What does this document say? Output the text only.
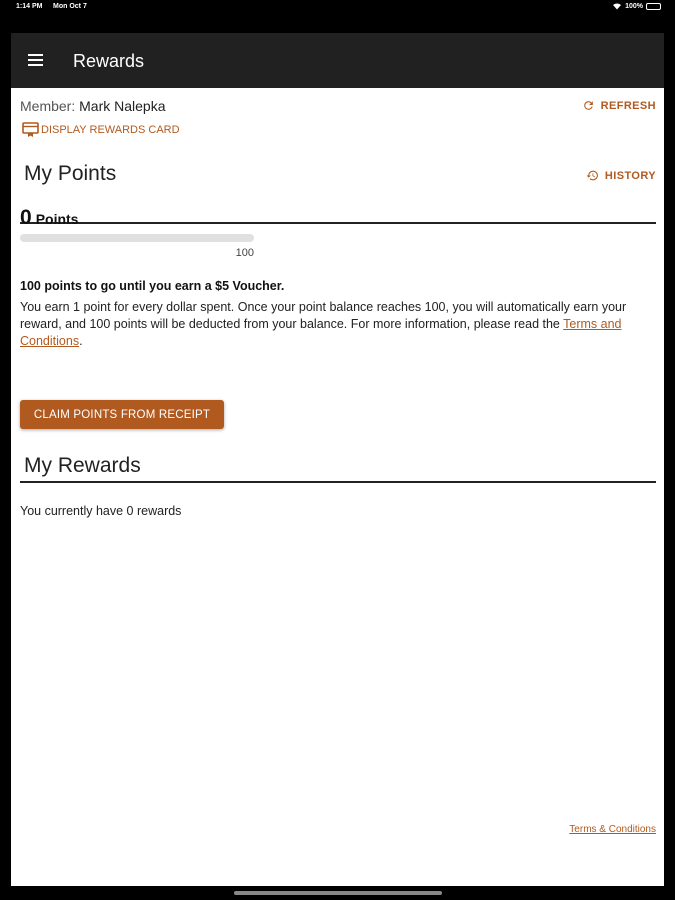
1:14 PM Mon Oct 7	100%
Rewards
Member: Mark Nalepka	REFRESH
DISPLAY REWARDS CARD
My Points	HISTORY
0 Points
100
100 points to go until you earn a $5 Voucher.
You earn 1 point for every dollar spent. Once your point balance reaches 100, you will automatically earn your reward, and 100 points will be deducted from your balance. For more information, please read the Terms and Conditions.
CLAIM POINTS FROM RECEIPT
My Rewards
You currently have 0 rewards
Terms & Conditions
